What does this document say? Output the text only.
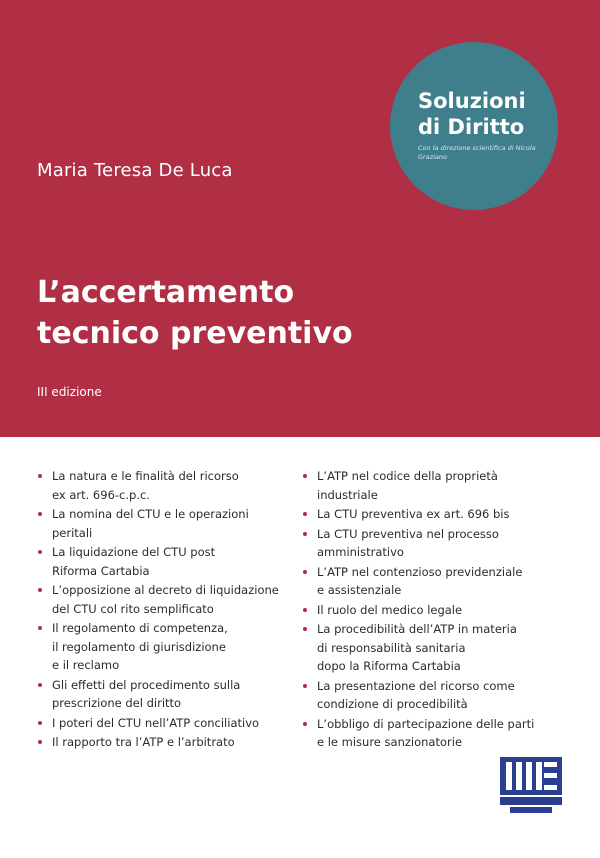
Soluzioni di Diritto
Con la direzione scientifica di Nicola Graziano
Maria Teresa De Luca
L’accertamento
tecnico preventivo
III edizione
La natura e le finalità del ricorso
ex art. 696-c.p.c.
La nomina del CTU e le operazioni
peritali
La liquidazione del CTU post
Riforma Cartabia
L’opposizione al decreto di liquidazione
del CTU col rito semplificato
Il regolamento di competenza,
il regolamento di giurisdizione
e il reclamo
Gli effetti del procedimento sulla
prescrizione del diritto
I poteri del CTU nell’ATP conciliativo
Il rapporto tra l’ATP e l’arbitrato
L’ATP nel codice della proprietà
industriale
La CTU preventiva ex art. 696 bis
La CTU preventiva nel processo
amministrativo
L’ATP nel contenzioso previdenziale
e assistenziale
Il ruolo del medico legale
La procedibilità dell’ATP in materia
di responsabilità sanitaria
dopo la Riforma Cartabia
La presentazione del ricorso come
condizione di procedibilità
L’obbligo di partecipazione delle parti
e le misure sanzionatorie
